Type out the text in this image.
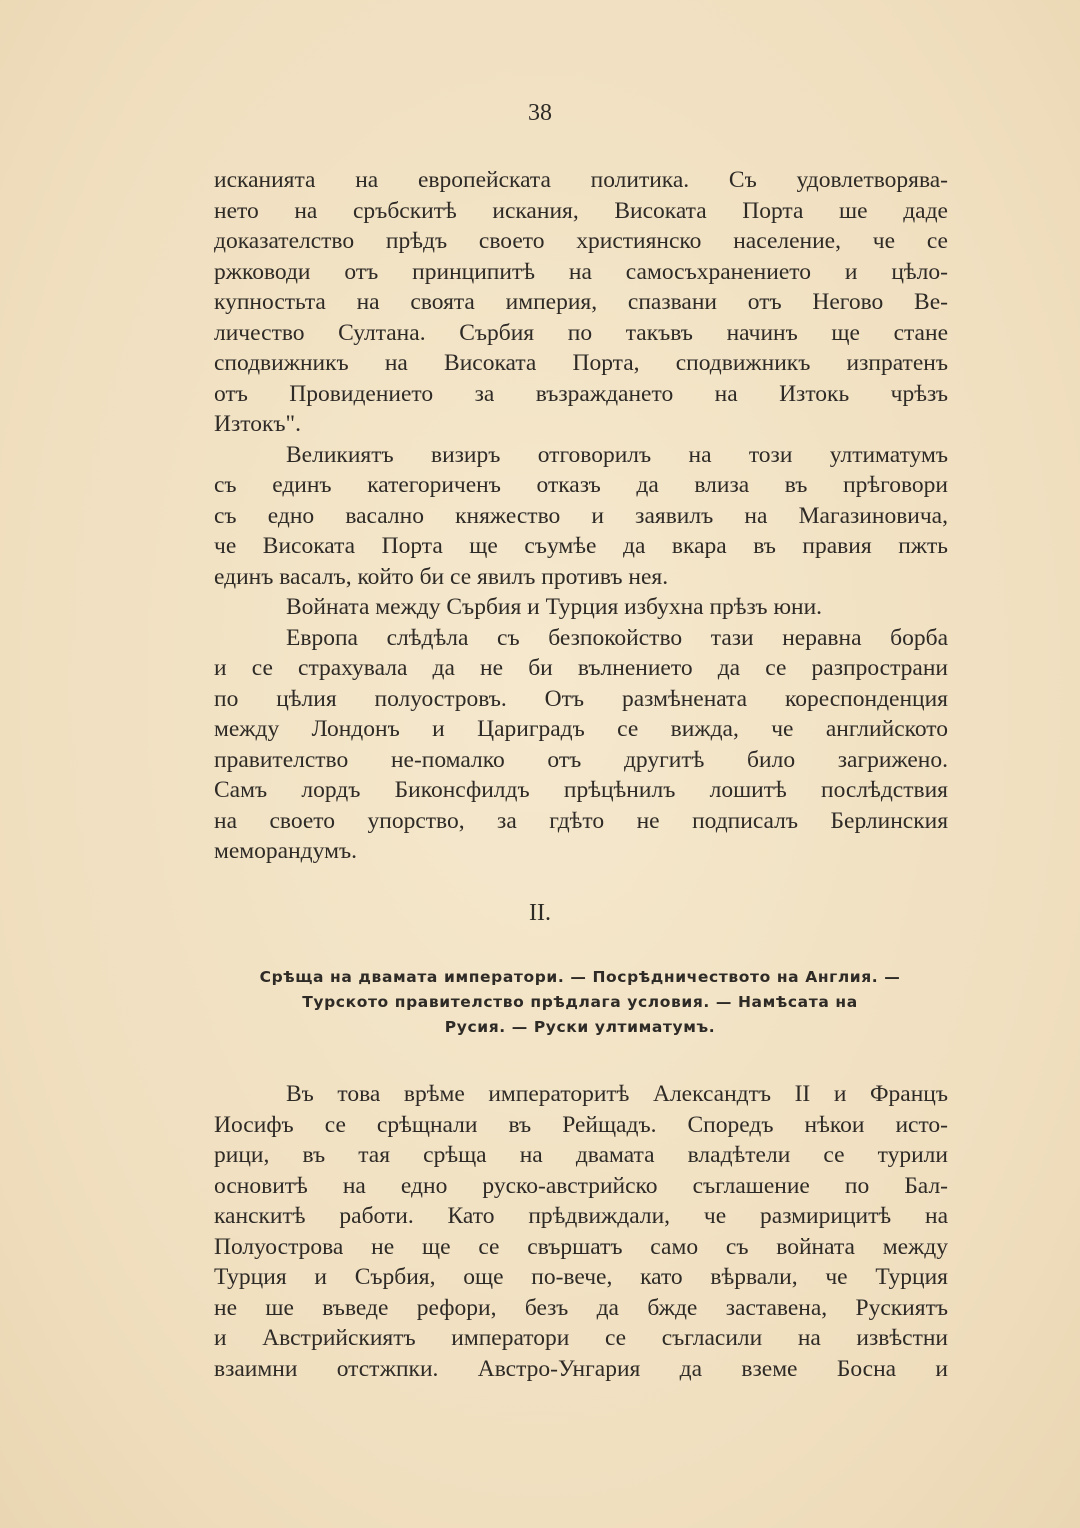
38
исканията на европейската политика. Съ удовлетворява-
нето на сръбскитѣ искания, Високата Порта ше даде
доказателство прѣдъ своето християнско население, че се
ржководи отъ принципитѣ на самосъхранението и цѣло-
купностьта на своята империя, спазвани отъ Негово Ве-
личество Султана. Сърбия по такъвъ начинъ ще стане
сподвижникъ на Високата Порта, сподвижникъ изпратенъ
отъ Провидението за възраждането на Изтокь чрѣзъ
Изтокъ".
Великиятъ визиръ отговорилъ на този ултиматумъ
съ единъ категориченъ отказъ да влиза въ прѣговори
съ едно васално княжество и заявилъ на Магазиновича,
че Високата Порта ще съумѣе да вкара въ правия пжть
единъ васалъ, който би се явилъ противъ нея.
Войната между Сърбия и Турция избухна прѣзъ юни.
Европа слѣдѣла съ безпокойство тази неравна борба
и се страхувала да не би вълнението да се разпространи
по цѣлия полуостровъ. Отъ размѣнената кореспонденция
между Лондонъ и Цариградъ се вижда, че английското
правителство не-помалко отъ другитѣ било загрижено.
Самъ лордъ Биконсфилдъ прѣцѣнилъ лошитѣ послѣдствия
на своето упорство, за гдѣто не подписалъ Берлинския
меморандумъ.
II.
Срѣща на двамата императори. — Посрѣдничеството на Англия. —
Турското правителство прѣдлага условия. — Намѣсата на
Русия. — Руски ултиматумъ.
Въ това врѣме императоритѣ Александтъ II и Францъ
Иосифъ се срѣщнали въ Рейщадъ. Споредъ нѣкои исто-
рици, въ тая срѣща на двамата владѣтели се турили
основитѣ на едно руско-австрийско съглашение по Бал-
канскитѣ работи. Като прѣдвиждали, че размирицитѣ на
Полуострова не ще се свършатъ само съ войната между
Турция и Сърбия, още по-вече, като вѣрвали, че Турция
не ше въведе рефори, безъ да бжде заставена, Рускиятъ
и Австрийскиятъ императори се съгласили на извѣстни
взаимни отстжпки. Австро-Унгария да вземе Босна и
